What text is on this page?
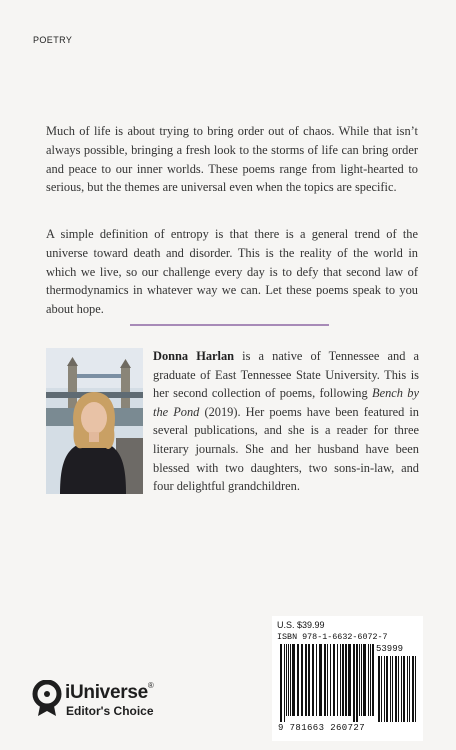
POETRY

Much of life is about trying to bring order out of chaos. While that isn’t always possible, bringing a fresh look to the storms of life can bring order and peace to our inner worlds. These poems range from light-hearted to serious, but the themes are universal even when the topics are specific.

A simple definition of entropy is that there is a general trend of the universe toward death and disorder. This is the reality of the world in which we live, so our challenge every day is to defy that second law of thermodynamics in whatever way we can. Let these poems speak to you about hope.

Donna Harlan is a native of Tennessee and a graduate of East Tennessee State University. This is her second collection of poems, following Bench by the Pond (2019). Her poems have been featured in several publications, and she is a reader for three literary journals. She and her husband have been blessed with two daughters, two sons-in-law, and four delightful grandchildren.

U.S. $39.99
ISBN 978-1-6632-6072-7
53999
9 781663 260727
iUniverse®
Editor's Choice
